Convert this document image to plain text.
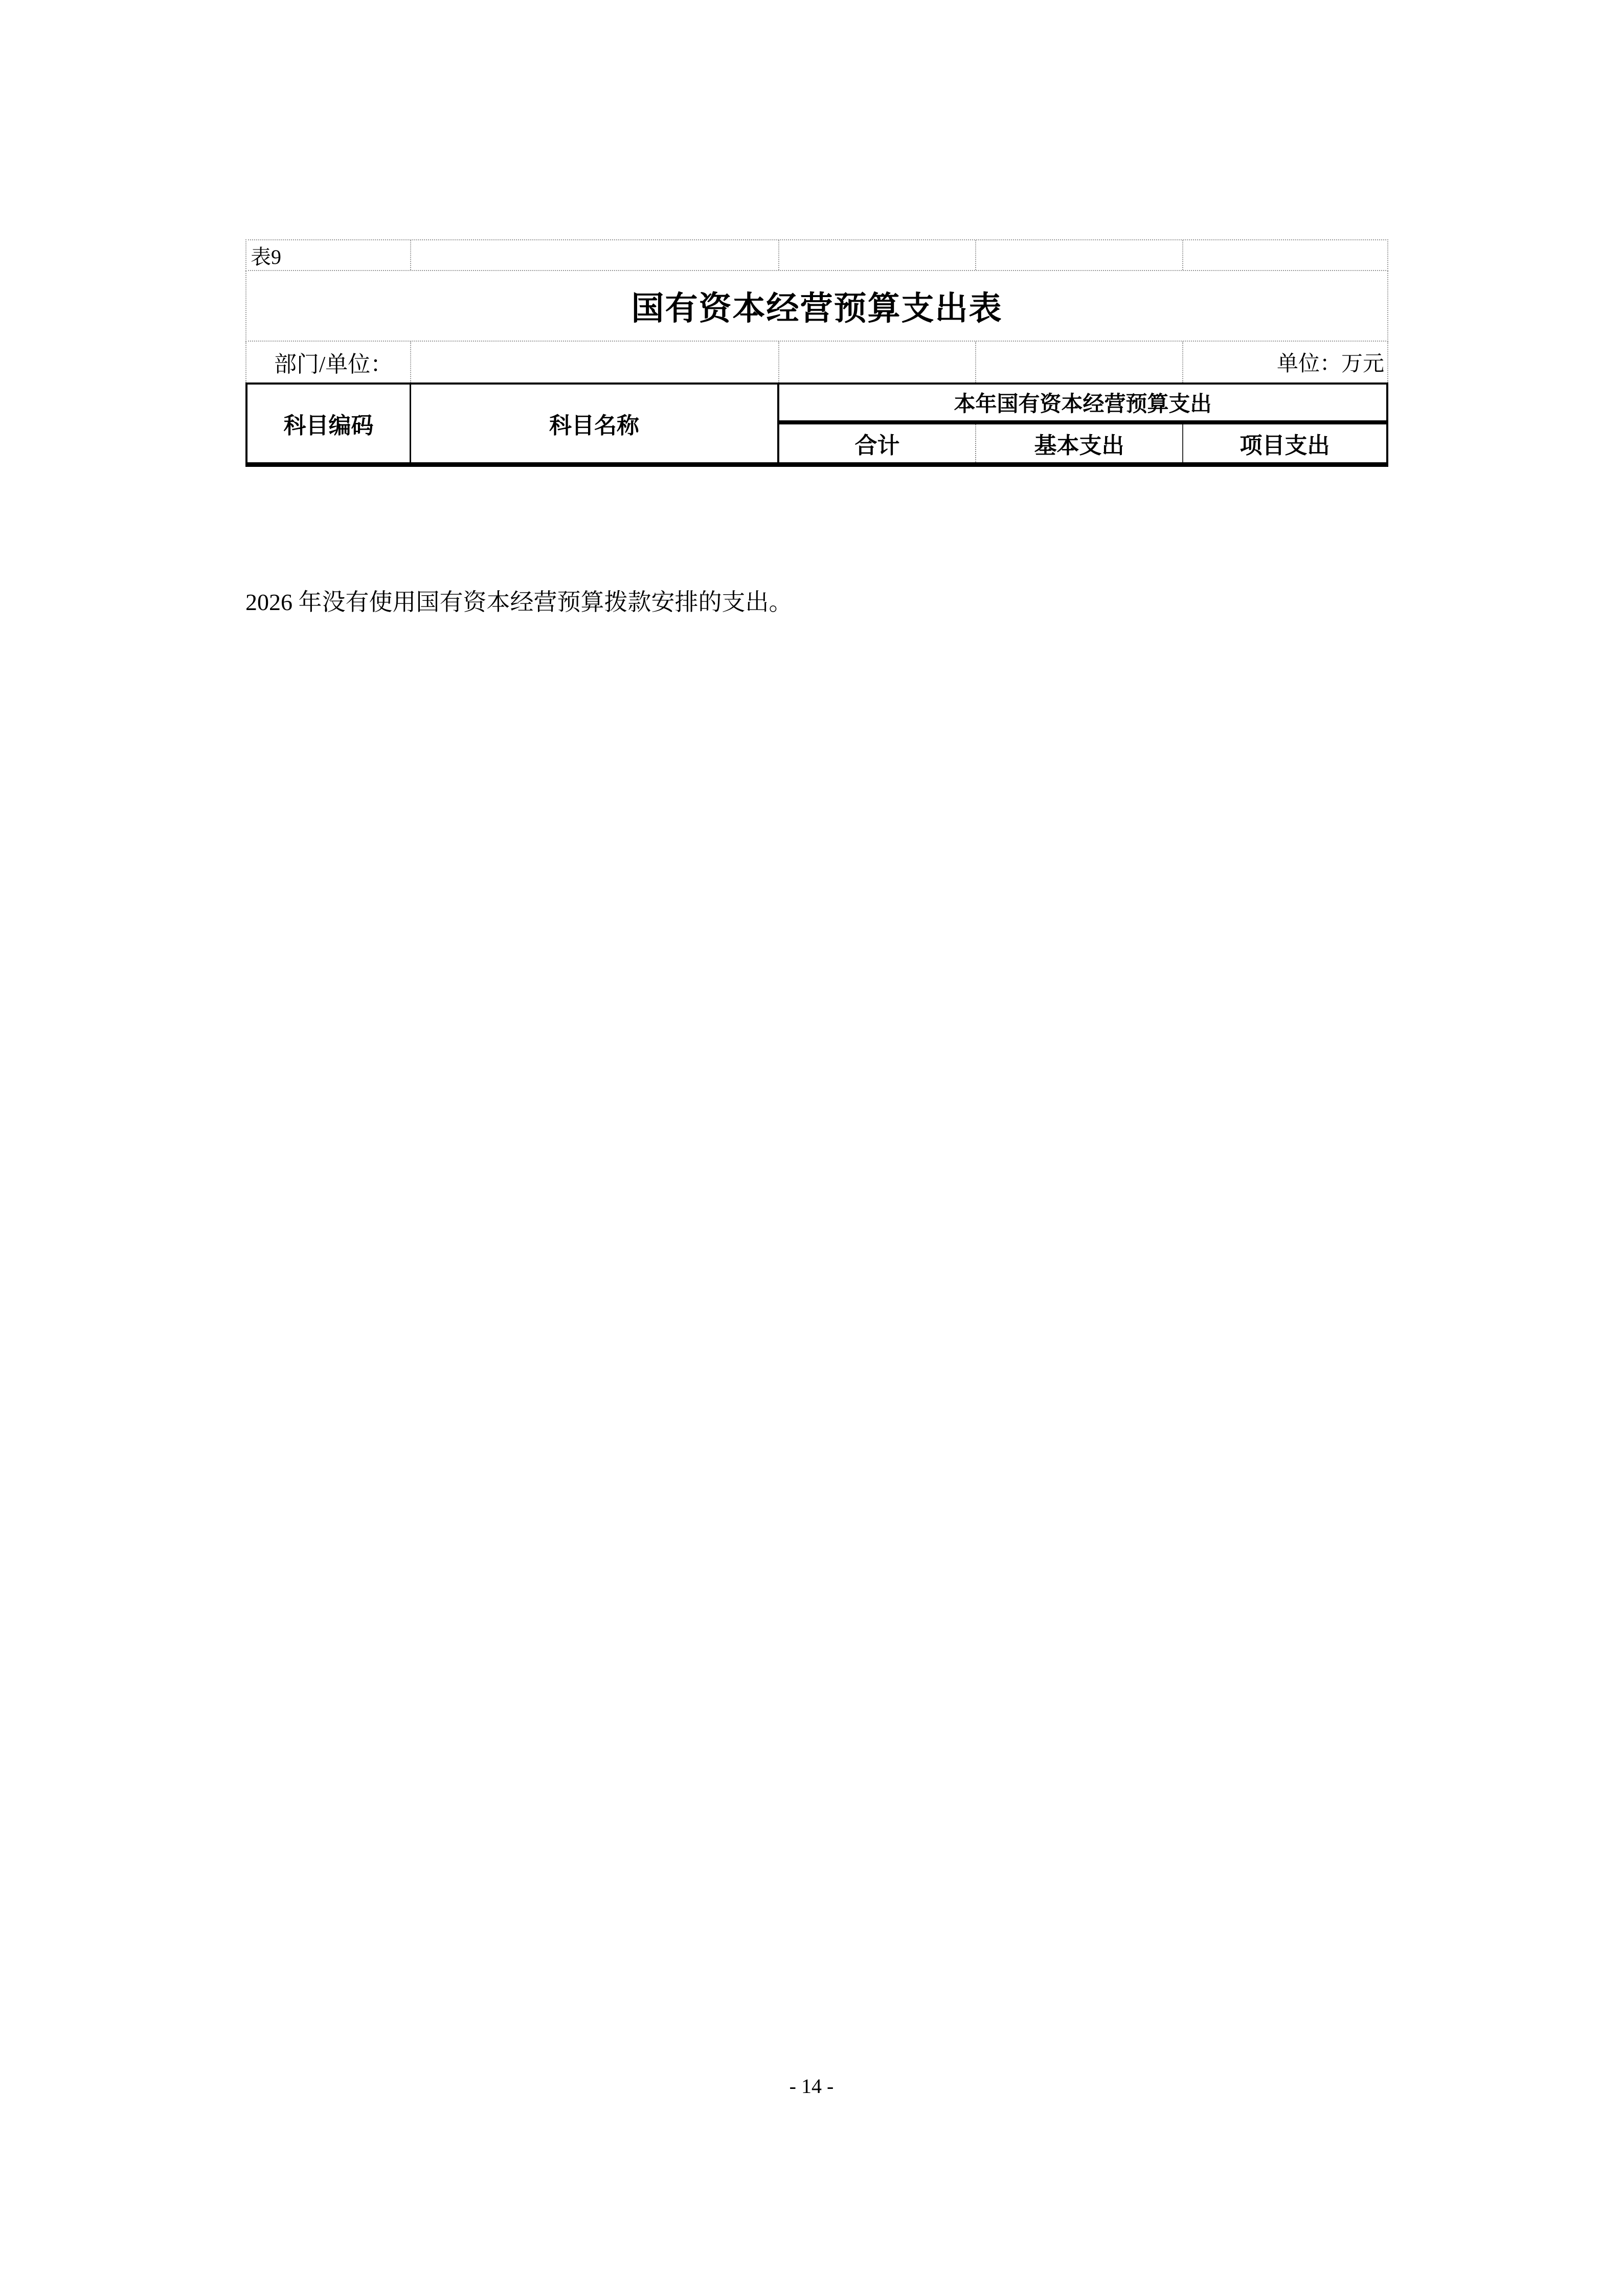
表9
国有资本经营预算支出表
部门/单位：	单位：万元
科目编码	科目名称
本年国有资本经营预算支出
合计	基本支出	项目支出

2026 年没有使用国有资本经营预算拨款安排的支出。

- 14 -
